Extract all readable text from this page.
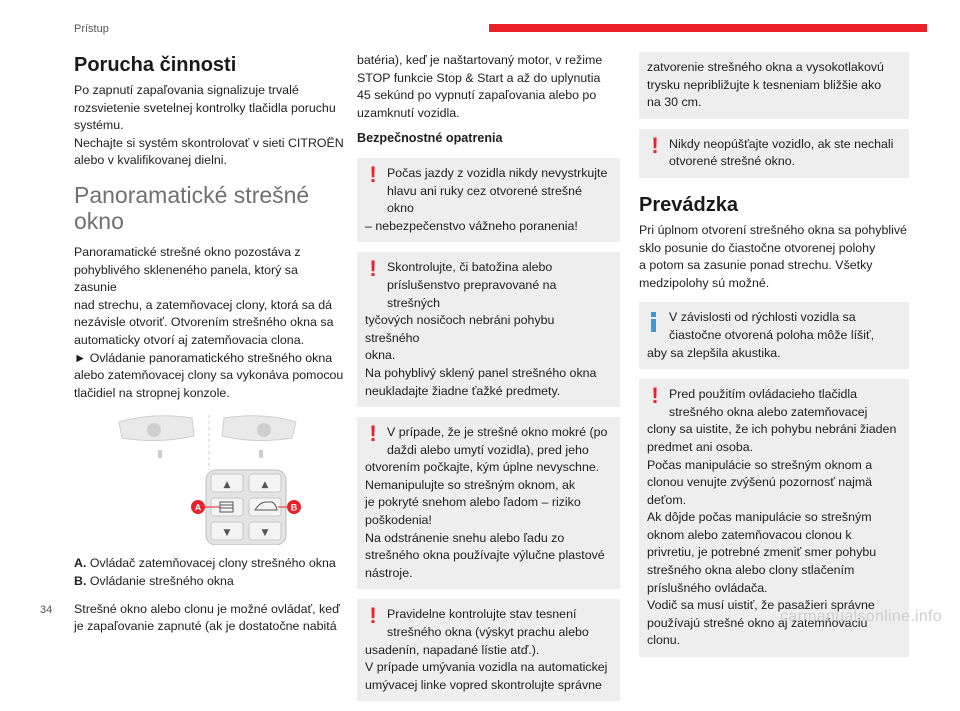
Prístup
Porucha činnosti

Po zapnutí zapaľovania signalizuje trvalé
rozsvietenie svetelnej kontrolky tlačidla poruchu
systému.
Nechajte si systém skontrolovať v sieti CITROËN
alebo v kvalifikovanej dielni.

Panoramatické strešné okno

Panoramatické strešné okno pozostáva z
pohyblivého skleneného panela, ktorý sa zasunie
nad strechu, a zatemňovacej clony, ktorá sa dá
nezávisle otvoriť. Otvorením strešného okna sa
automaticky otvorí aj zatemňovacia clona.
► Ovládanie panoramatického strešného okna
alebo zatemňovacej clony sa vykonáva pomocou
tlačidiel na stropnej konzole.

▲	▲
▼	▼
A	B

A. Ovládač zatemňovacej clony strešného okna

B. Ovládanie strešného okna

Strešné okno alebo clonu je možné ovládať, keď
je zapaľovanie zapnuté (ak je dostatočne nabitá

batéria), keď je naštartovaný motor, v režime
STOP funkcie Stop & Start a až do uplynutia
45 sekúnd po vypnutí zapaľovania alebo po
uzamknutí vozidla.

Bezpečnostné opatrenia
! Počas jazdy z vozidla nikdy nevystrkujte
hlavu ani ruky cez otvorené strešné okno
– nebezpečenstvo vážneho poranenia!
! Skontrolujte, či batožina alebo
príslušenstvo prepravované na strešných
tyčových nosičoch nebráni pohybu strešného
okna.
Na pohyblivý sklený panel strešného okna
neukladajte žiadne ťažké predmety.
! V prípade, že je strešné okno mokré (po
daždi alebo umytí vozidla), pred jeho
otvorením počkajte, kým úplne nevyschne.
Nemanipulujte so strešným oknom, ak
je pokryté snehom alebo ľadom – riziko
poškodenia!
Na odstránenie snehu alebo ľadu zo
strešného okna používajte výlučne plastové
nástroje.
! Pravidelne kontrolujte stav tesnení
strešného okna (výskyt prachu alebo
usadenín, napadané lístie atď.).
V prípade umývania vozidla na automatickej
umývacej linke vopred skontrolujte správne
zatvorenie strešného okna a vysokotlakovú
trysku nepribližujte k tesneniam bližšie ako
na 30 cm.
! Nikdy neopúšťajte vozidlo, ak ste nechali
otvorené strešné okno.
Prevádzka

Pri úplnom otvorení strešného okna sa pohyblivé
sklo posunie do čiastočne otvorenej polohy
a potom sa zasunie ponad strechu. Všetky
medzipolohy sú možné.

V závislosti od rýchlosti vozidla sa
čiastočne otvorená poloha môže líšiť,
aby sa zlepšila akustika.
! Pred použitím ovládacieho tlačidla
strešného okna alebo zatemňovacej
clony sa uistite, že ich pohybu nebráni žiaden
predmet ani osoba.
Počas manipulácie so strešným oknom a
clonou venujte zvýšenú pozornosť najmä
deťom.
Ak dôjde počas manipulácie so strešným
oknom alebo zatemňovacou clonou k
privretiu, je potrebné zmeniť smer pohybu
strešného okna alebo clony stlačením
príslušného ovládača.
Vodič sa musí uistiť, že pasažieri správne
používajú strešné okno aj zatemňovaciu
clonu.
34	carmanualsonline.info
